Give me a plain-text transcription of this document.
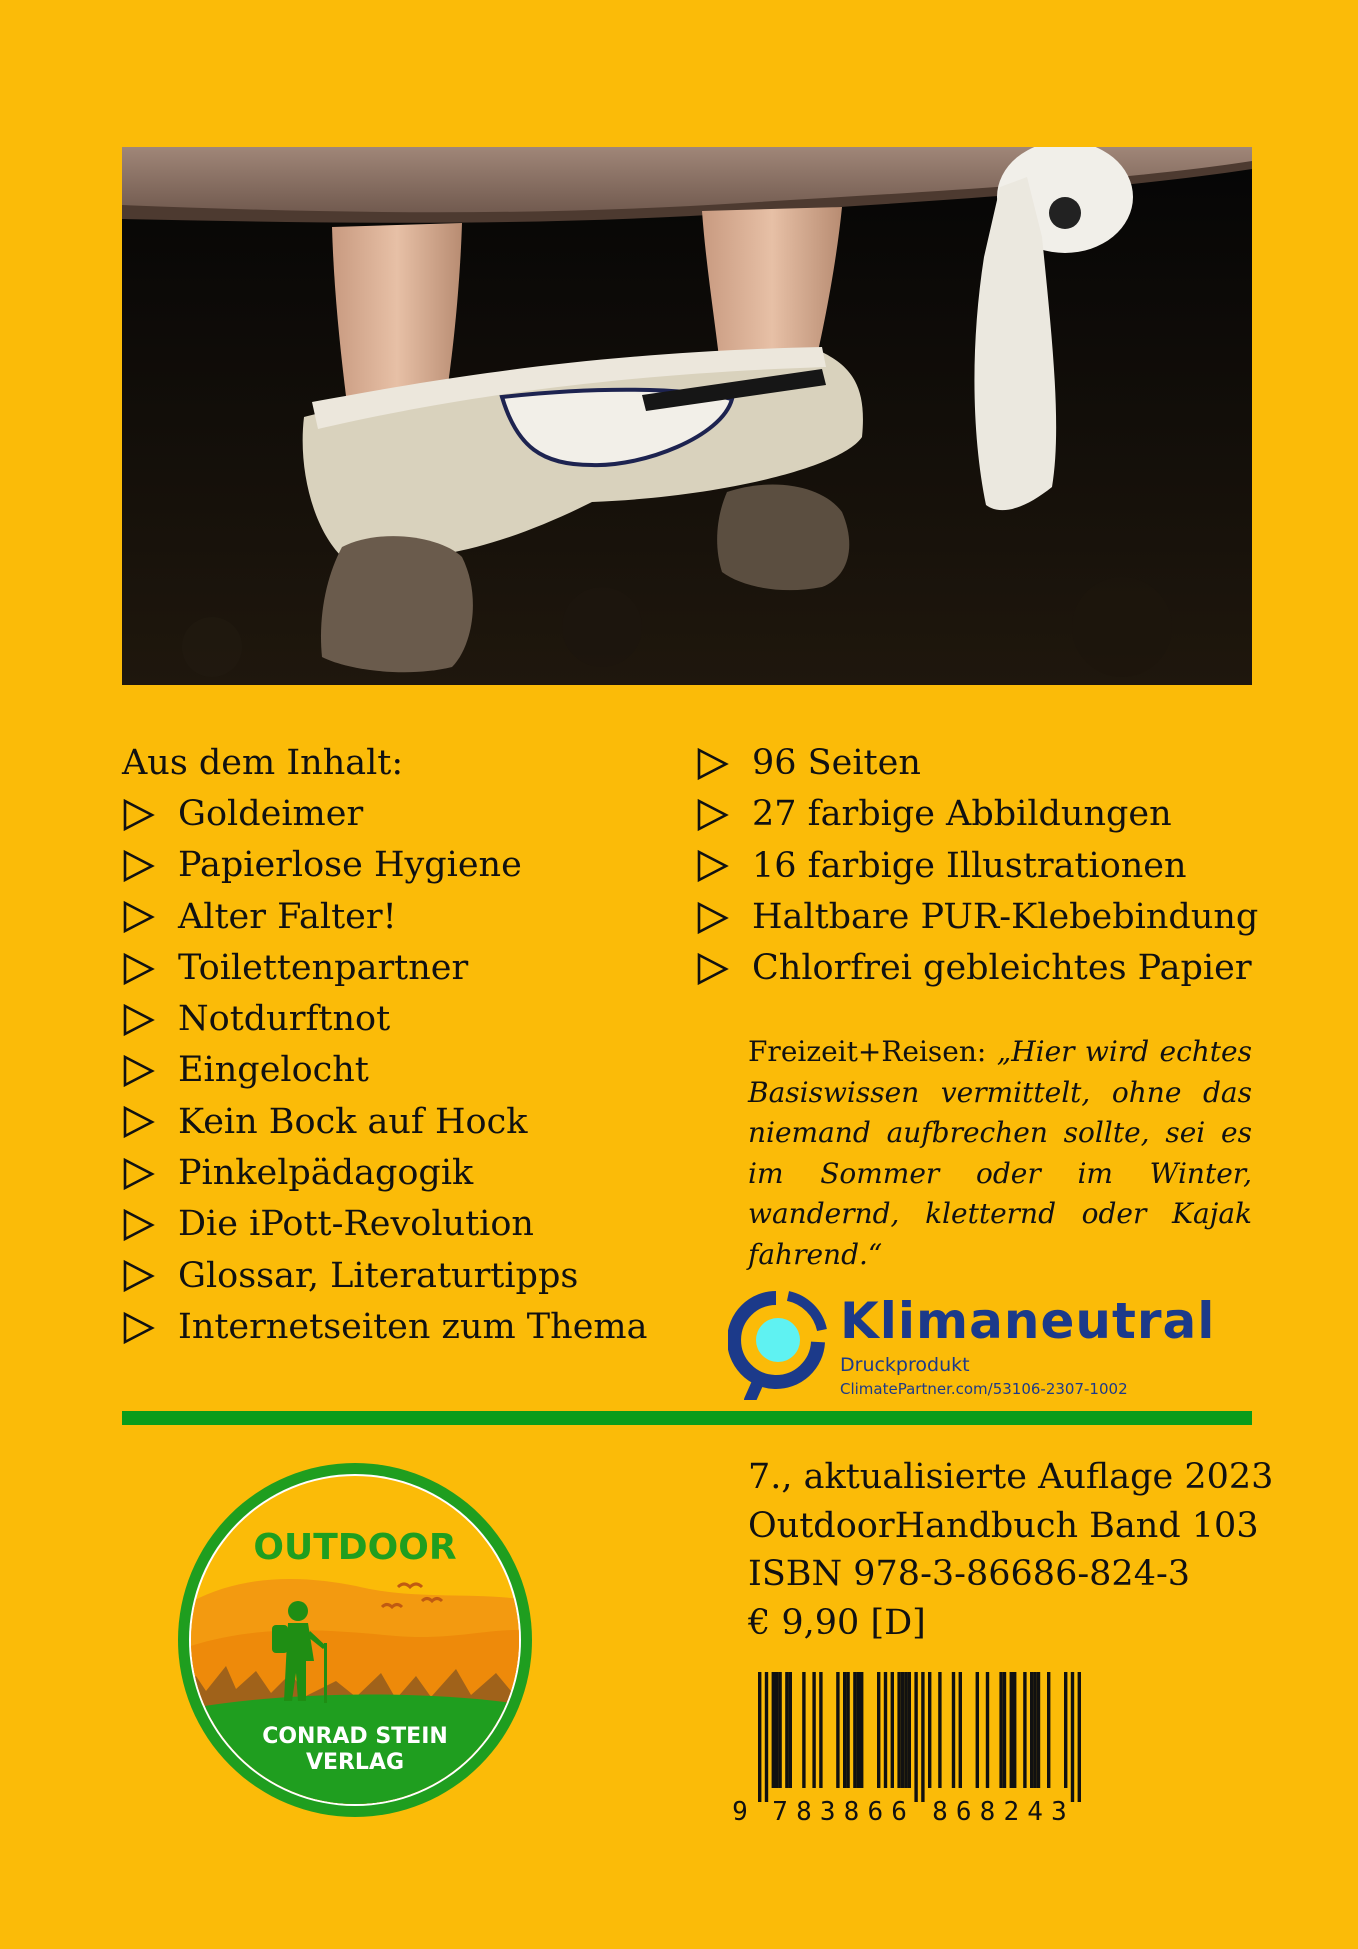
Aus dem Inhalt:

Goldeimer
Papierlose Hygiene
Alter Falter!
Toilettenpartner
Notdurftnot
Eingelocht
Kein Bock auf Hock
Pinkelpädagogik
Die iPott-Revolution
Glossar, Literaturtipps
Internetseiten zum Thema
96 Seiten
27 farbige Abbildungen
16 farbige Illustrationen
Haltbare PUR-Klebebindung
Chlorfrei gebleichtes Papier

Freizeit+Reisen: „Hier wird echtes Basiswissen vermittelt, ohne das niemand aufbrechen sollte, sei es im Sommer oder im Winter, wandernd, kletternd oder Kajak fahrend.“

Klimaneutral
Druckprodukt
ClimatePartner.com/53106-2307-1002
OUTDOOR
CONRAD STEIN
VERLAG
7., aktualisierte Auflage 2023
OutdoorHandbuch Band 103
ISBN 978-3-86686-824-3
€ 9,90 [D]
9 7 8 3 8 6 6 8 6 8 2 4 3
